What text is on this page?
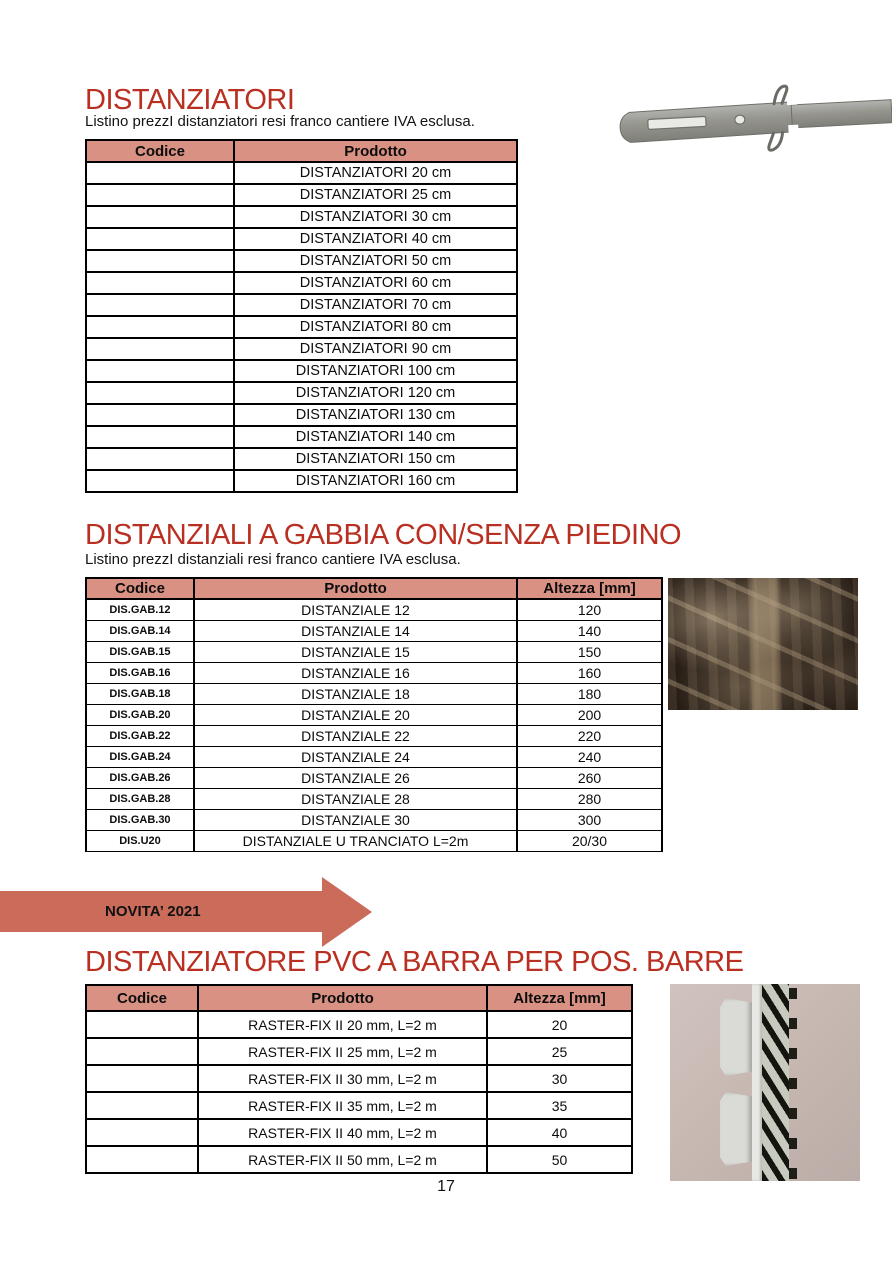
DISTANZIATORI
Listino prezzI distanziatori resi franco cantiere IVA esclusa.
Codice	Prodotto
	DISTANZIATORI 20 cm
	DISTANZIATORI 25 cm
	DISTANZIATORI 30 cm
	DISTANZIATORI 40 cm
	DISTANZIATORI 50 cm
	DISTANZIATORI 60 cm
	DISTANZIATORI 70 cm
	DISTANZIATORI 80 cm
	DISTANZIATORI 90 cm
	DISTANZIATORI 100 cm
	DISTANZIATORI 120 cm
	DISTANZIATORI 130 cm
	DISTANZIATORI 140 cm
	DISTANZIATORI 150 cm
	DISTANZIATORI 160 cm
DISTANZIALI A GABBIA CON/SENZA PIEDINO
Listino prezzI distanziali resi franco cantiere IVA esclusa.
Codice	Prodotto	Altezza [mm]
DIS.GAB.12	DISTANZIALE 12	120
DIS.GAB.14	DISTANZIALE 14	140
DIS.GAB.15	DISTANZIALE 15	150
DIS.GAB.16	DISTANZIALE 16	160
DIS.GAB.18	DISTANZIALE 18	180
DIS.GAB.20	DISTANZIALE 20	200
DIS.GAB.22	DISTANZIALE 22	220
DIS.GAB.24	DISTANZIALE 24	240
DIS.GAB.26	DISTANZIALE 26	260
DIS.GAB.28	DISTANZIALE 28	280
DIS.GAB.30	DISTANZIALE 30	300
DIS.U20	DISTANZIALE U TRANCIATO L=2m	20/30
NOVITA’ 2021
DISTANZIATORE PVC A BARRA PER POS. BARRE
Codice	Prodotto	Altezza [mm]
	RASTER-FIX II 20 mm, L=2 m	20
	RASTER-FIX II 25 mm, L=2 m	25
	RASTER-FIX II 30 mm, L=2 m	30
	RASTER-FIX II 35 mm, L=2 m	35
	RASTER-FIX II 40 mm, L=2 m	40
	RASTER-FIX II 50 mm, L=2 m	50
17
